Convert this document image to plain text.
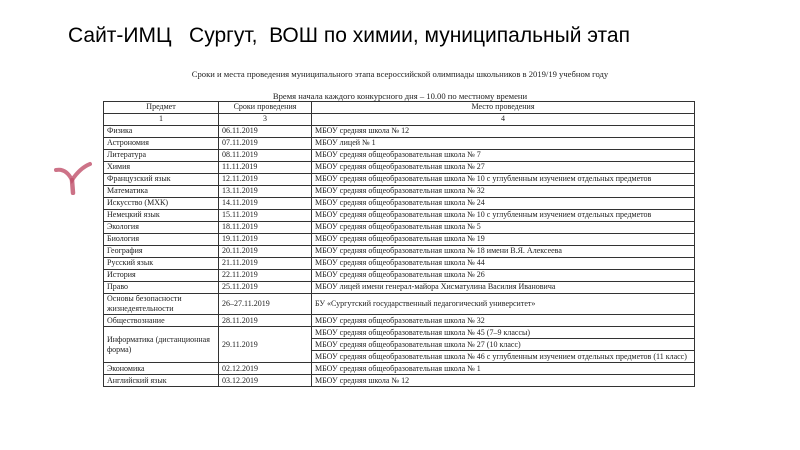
Сайт-ИМЦ   Сургут,  ВОШ по химии, муниципальный этап
Сроки и места проведения муниципального этапа всероссийской олимпиады школьников в 2019/19 учебном году
Время начала каждого конкурсного дня – 10.00 по местному времени
Предмет	Сроки проведения	Место проведения
1	3	4
Физика	06.11.2019	МБОУ средняя школа № 12
Астрономия	07.11.2019	МБОУ лицей № 1
Литература	08.11.2019	МБОУ средняя общеобразовательная школа № 7
Химия	11.11.2019	МБОУ средняя общеобразовательная школа № 27
Французский язык	12.11.2019	МБОУ средняя общеобразовательная школа № 10 с углубленным изучением отдельных предметов
Математика	13.11.2019	МБОУ средняя общеобразовательная школа № 32
Искусство (МХК)	14.11.2019	МБОУ средняя общеобразовательная школа № 24
Немецкий язык	15.11.2019	МБОУ средняя общеобразовательная школа № 10 с углубленным изучением отдельных предметов
Экология	18.11.2019	МБОУ средняя общеобразовательная школа № 5
Биология	19.11.2019	МБОУ средняя общеобразовательная школа № 19
География	20.11.2019	МБОУ средняя общеобразовательная школа № 18 имени В.Я. Алексеева
Русский язык	21.11.2019	МБОУ средняя общеобразовательная школа № 44
История	22.11.2019	МБОУ средняя общеобразовательная школа № 26
Право	25.11.2019	МБОУ лицей имени генерал-майора Хисматулина Василия Ивановича
Основы безопасности жизнедеятельности	26–27.11.2019	БУ «Сургутский государственный педагогический университет»
Обществознание	28.11.2019	МБОУ средняя общеобразовательная школа № 32
Информатика (дистанционная форма)	29.11.2019	МБОУ средняя общеобразовательная школа № 45 (7–9 классы)
		МБОУ средняя общеобразовательная школа № 27 (10 класс)
		МБОУ средняя общеобразовательная школа № 46 с углубленным изучением отдельных предметов (11 класс)
Экономика	02.12.2019	МБОУ средняя общеобразовательная школа № 1
Английский язык	03.12.2019	МБОУ средняя школа № 12
